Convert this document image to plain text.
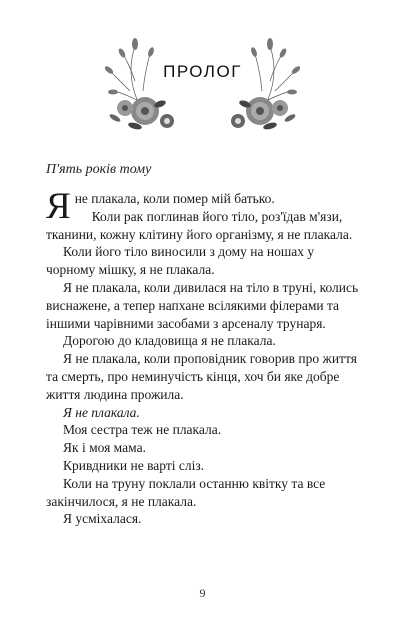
ПРОЛОГ
П'ять років тому

Я не плакала, коли помер мій батько.

Коли рак поглинав його тіло, роз'їдав м'язи, тканини, кожну клітину його організму, я не плакала.

Коли його тіло виносили з дому на ношах у чорному мішку, я не плакала.

Я не плакала, коли дивилася на тіло в труні, колись виснажене, а тепер напхане всілякими філерами та іншими чарівними засобами з арсеналу трунаря.

Дорогою до кладовища я не плакала.

Я не плакала, коли проповідник говорив про життя та смерть, про неминучість кінця, хоч би яке добре життя людина прожила.

Я не плакала.

Моя сестра теж не плакала.

Як і моя мама.

Кривдники не варті сліз.

Коли на труну поклали останню квітку та все закінчилося, я не плакала.

Я усміхалася.

9
